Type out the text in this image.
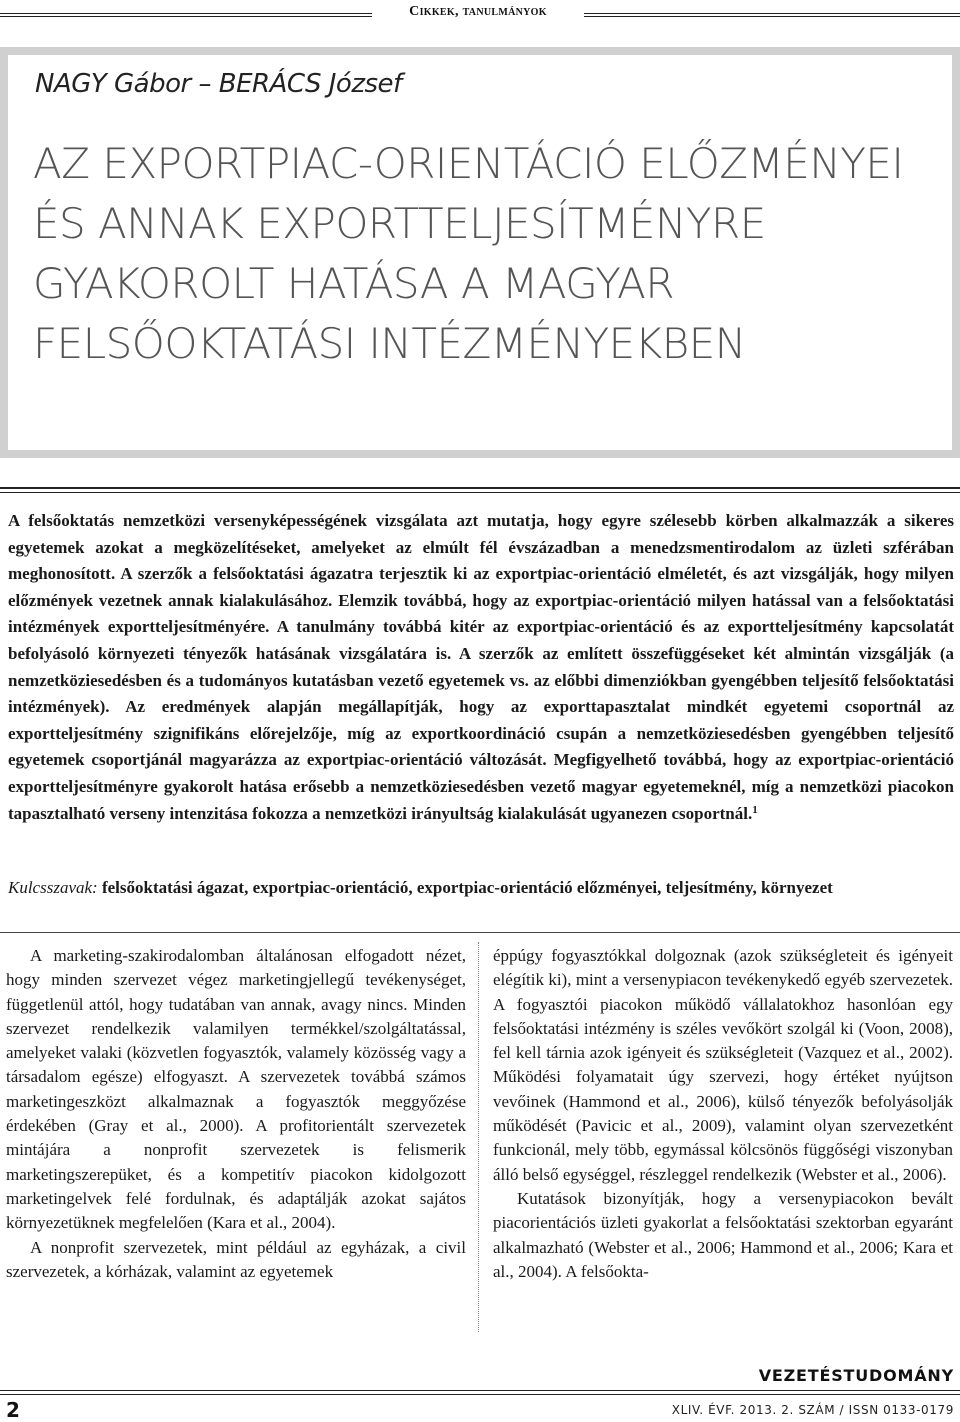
Cikkek, tanulmányok
NAGY Gábor – BERÁCS József
AZ EXPORTPIAC-ORIENTÁCIÓ ELŐZMÉNYEI
ÉS ANNAK EXPORTTELJESÍTMÉNYRE
GYAKOROLT HATÁSA A MAGYAR
FELSŐOKTATÁSI INTÉZMÉNYEKBEN
A felsőoktatás nemzetközi versenyképességének vizsgálata azt mutatja, hogy egyre szélesebb körben alkalmazzák a sikeres egyetemek azokat a megközelítéseket, amelyeket az elmúlt fél évszázadban a menedzsmentirodalom az üzleti szférában meghonosított. A szerzők a felsőoktatási ágazatra terjesztik ki az exportpiac-orientáció elméletét, és azt vizsgálják, hogy milyen előzmények vezetnek annak kialakulásához. Elemzik továbbá, hogy az exportpiac-orientáció milyen hatással van a felsőoktatási intézmények exportteljesítményére. A tanulmány továbbá kitér az exportpiac-orientáció és az exportteljesítmény kapcsolatát befolyásoló környezeti tényezők hatásának vizsgálatára is. A szerzők az említett összefüggéseket két almintán vizsgálják (a nemzetköziesedésben és a tudományos kutatásban vezető egyetemek vs. az előbbi dimenziókban gyengébben teljesítő felsőoktatási intézmények). Az eredmények alapján megállapítják, hogy az exporttapasztalat mindkét egyetemi csoportnál az exportteljesítmény szignifikáns előrejelzője, míg az exportkoordináció csupán a nemzetköziesedésben gyengébben teljesítő egyetemek csoportjánál magyarázza az exportpiac-orientáció változását. Megfigyelhető továbbá, hogy az exportpiac-orientáció exportteljesítményre gyakorolt hatása erősebb a nemzetköziesedésben vezető magyar egyetemeknél, míg a nemzetközi piacokon tapasztalható verseny intenzitása fokozza a nemzetközi irányultság kialakulását ugyanezen csoportnál.$^1$
Kulcsszavak: felsőoktatási ágazat, exportpiac-orientáció, exportpiac-orientáció előzményei, teljesítmény, környezet

A marketing-szakirodalomban általánosan elfogadott nézet, hogy minden szervezet végez marketingjellegű tevékenységet, függetlenül attól, hogy tudatában van annak, avagy nincs. Minden szervezet rendelkezik valamilyen termékkel/szolgáltatással, amelyeket valaki (közvetlen fogyasztók, valamely közösség vagy a társadalom egésze) elfogyaszt. A szervezetek továbbá számos marketingeszközt alkalmaznak a fogyasztók meggyőzése érdekében (Gray et al., 2000). A profitorientált szervezetek mintájára a nonprofit szervezetek is felismerik marketingszerepüket, és a kompetitív piacokon kidolgozott marketingelvek felé fordulnak, és adaptálják azokat sajátos környezetüknek megfelelően (Kara et al., 2004).

A nonprofit szervezetek, mint például az egyházak, a civil szervezetek, a kórházak, valamint az egyetemek

éppúgy fogyasztókkal dolgoznak (azok szükségleteit és igényeit elégítik ki), mint a versenypiacon tevékenykedő egyéb szervezetek. A fogyasztói piacokon működő vállalatokhoz hasonlóan egy felsőoktatási intézmény is széles vevőkört szolgál ki (Voon, 2008), fel kell tárnia azok igényeit és szükségleteit (Vazquez et al., 2002). Működési folyamatait úgy szervezi, hogy értéket nyújtson vevőinek (Hammond et al., 2006), külső tényezők befolyásolják működését (Pavicic et al., 2009), valamint olyan szervezetként funkcionál, mely több, egymással kölcsönös függőségi viszonyban álló belső egységgel, részleggel rendelkezik (Webster et al., 2006).

Kutatások bizonyítják, hogy a versenypiacokon bevált piacorientációs üzleti gyakorlat a felsőoktatási szektorban egyaránt alkalmazható (Webster et al., 2006; Hammond et al., 2006; Kara et al., 2004). A felsőokta-

VEZETÉSTUDOMÁNY
2	XLIV. ÉVF. 2013. 2. SZÁM / ISSN 0133-0179
